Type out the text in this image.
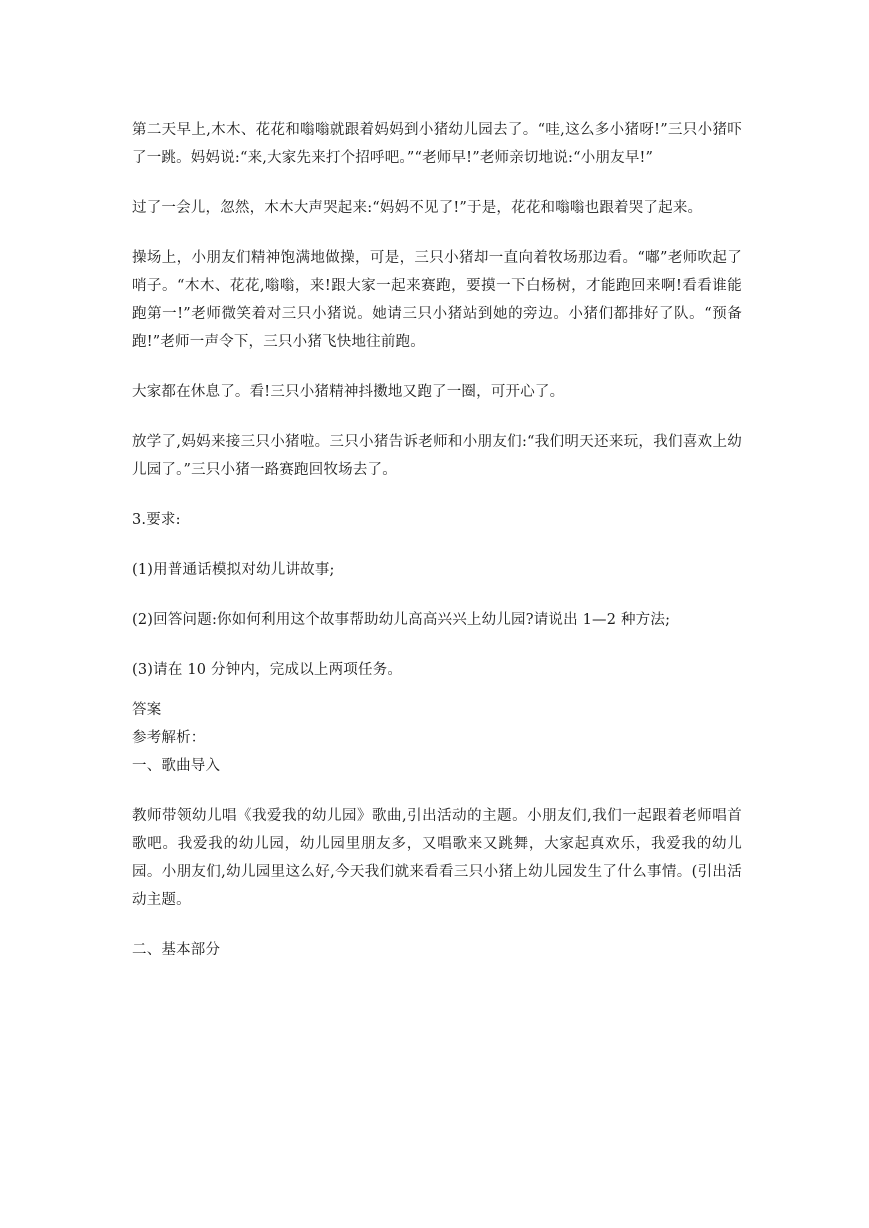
第二天早上,木木、花花和嗡嗡就跟着妈妈到小猪幼儿园去了。“哇,这么多小猪呀!”三只小猪吓了一跳。妈妈说:“来,大家先来打个招呼吧。”“老师早!”老师亲切地说:“小朋友早!”

过了一会儿，忽然，木木大声哭起来:“妈妈不见了!”于是，花花和嗡嗡也跟着哭了起来。

操场上，小朋友们精神饱满地做操，可是，三只小猪却一直向着牧场那边看。“嘟”老师吹起了哨子。“木木、花花,嗡嗡，来!跟大家一起来赛跑，要摸一下白杨树，才能跑回来啊!看看谁能跑第一!”老师微笑着对三只小猪说。她请三只小猪站到她的旁边。小猪们都排好了队。“预备跑!”老师一声令下，三只小猪飞快地往前跑。

大家都在休息了。看!三只小猪精神抖擞地又跑了一圈，可开心了。

放学了,妈妈来接三只小猪啦。三只小猪告诉老师和小朋友们:“我们明天还来玩，我们喜欢上幼儿园了。”三只小猪一路赛跑回牧场去了。

3.要求:

(1)用普通话模拟对幼儿讲故事;

(2)回答问题:你如何利用这个故事帮助幼儿高高兴兴上幼儿园?请说出 1—2 种方法;

(3)请在 10 分钟内，完成以上两项任务。

答案

参考解析：

一、歌曲导入

教师带领幼儿唱《我爱我的幼儿园》歌曲,引出活动的主题。小朋友们,我们一起跟着老师唱首歌吧。我爱我的幼儿园，幼儿园里朋友多，又唱歌来又跳舞，大家起真欢乐，我爱我的幼儿园。小朋友们,幼儿园里这么好,今天我们就来看看三只小猪上幼儿园发生了什么事情。(引出活动主题。

二、基本部分
